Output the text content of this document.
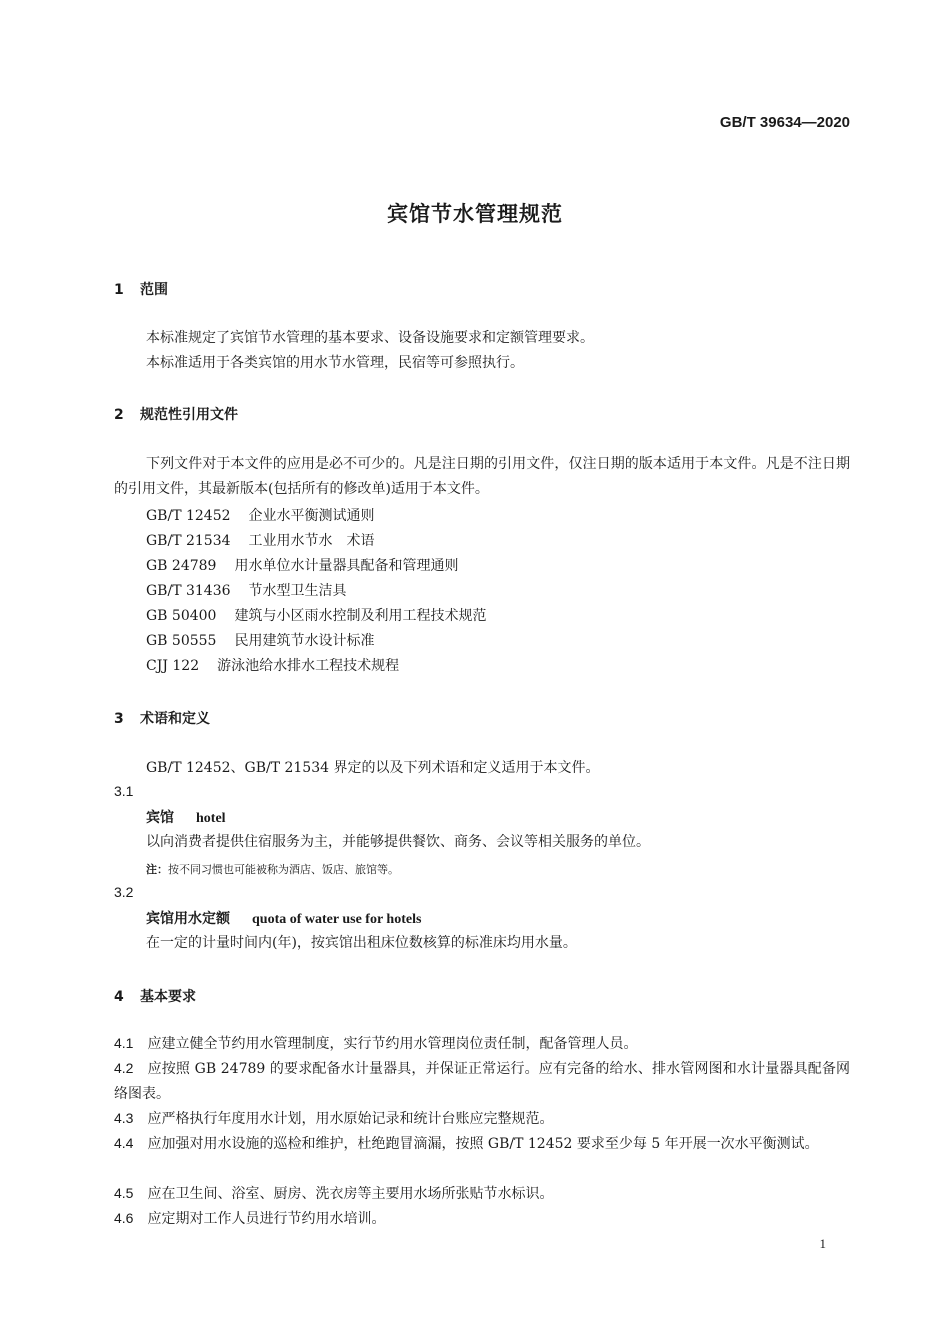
GB/T 39634—2020
宾馆节水管理规范
1 范围
本标准规定了宾馆节水管理的基本要求、设备设施要求和定额管理要求。
本标准适用于各类宾馆的用水节水管理，民宿等可参照执行。
2 规范性引用文件
下列文件对于本文件的应用是必不可少的。凡是注日期的引用文件，仅注日期的版本适用于本文件。凡是不注日期的引用文件，其最新版本(包括所有的修改单)适用于本文件。
GB/T 12452 企业水平衡测试通则
GB/T 21534 工业用水节水　术语
GB 24789 用水单位水计量器具配备和管理通则
GB/T 31436 节水型卫生洁具
GB 50400 建筑与小区雨水控制及利用工程技术规范
GB 50555 民用建筑节水设计标准
CJJ 122 游泳池给水排水工程技术规程
3 术语和定义
GB/T 12452、GB/T 21534 界定的以及下列术语和定义适用于本文件。
3.1
宾馆 hotel
以向消费者提供住宿服务为主，并能够提供餐饮、商务、会议等相关服务的单位。
注：按不同习惯也可能被称为酒店、饭店、旅馆等。
3.2
宾馆用水定额 quota of water use for hotels
在一定的计量时间内(年)，按宾馆出租床位数核算的标准床均用水量。
4 基本要求
4.1 应建立健全节约用水管理制度，实行节约用水管理岗位责任制，配备管理人员。
4.2 应按照 GB 24789 的要求配备水计量器具，并保证正常运行。应有完备的给水、排水管网图和水计量器具配备网络图表。
4.3 应严格执行年度用水计划，用水原始记录和统计台账应完整规范。
4.4 应加强对用水设施的巡检和维护，杜绝跑冒滴漏，按照 GB/T 12452 要求至少每 5 年开展一次水平衡测试。
4.5 应在卫生间、浴室、厨房、洗衣房等主要用水场所张贴节水标识。
4.6 应定期对工作人员进行节约用水培训。
1
